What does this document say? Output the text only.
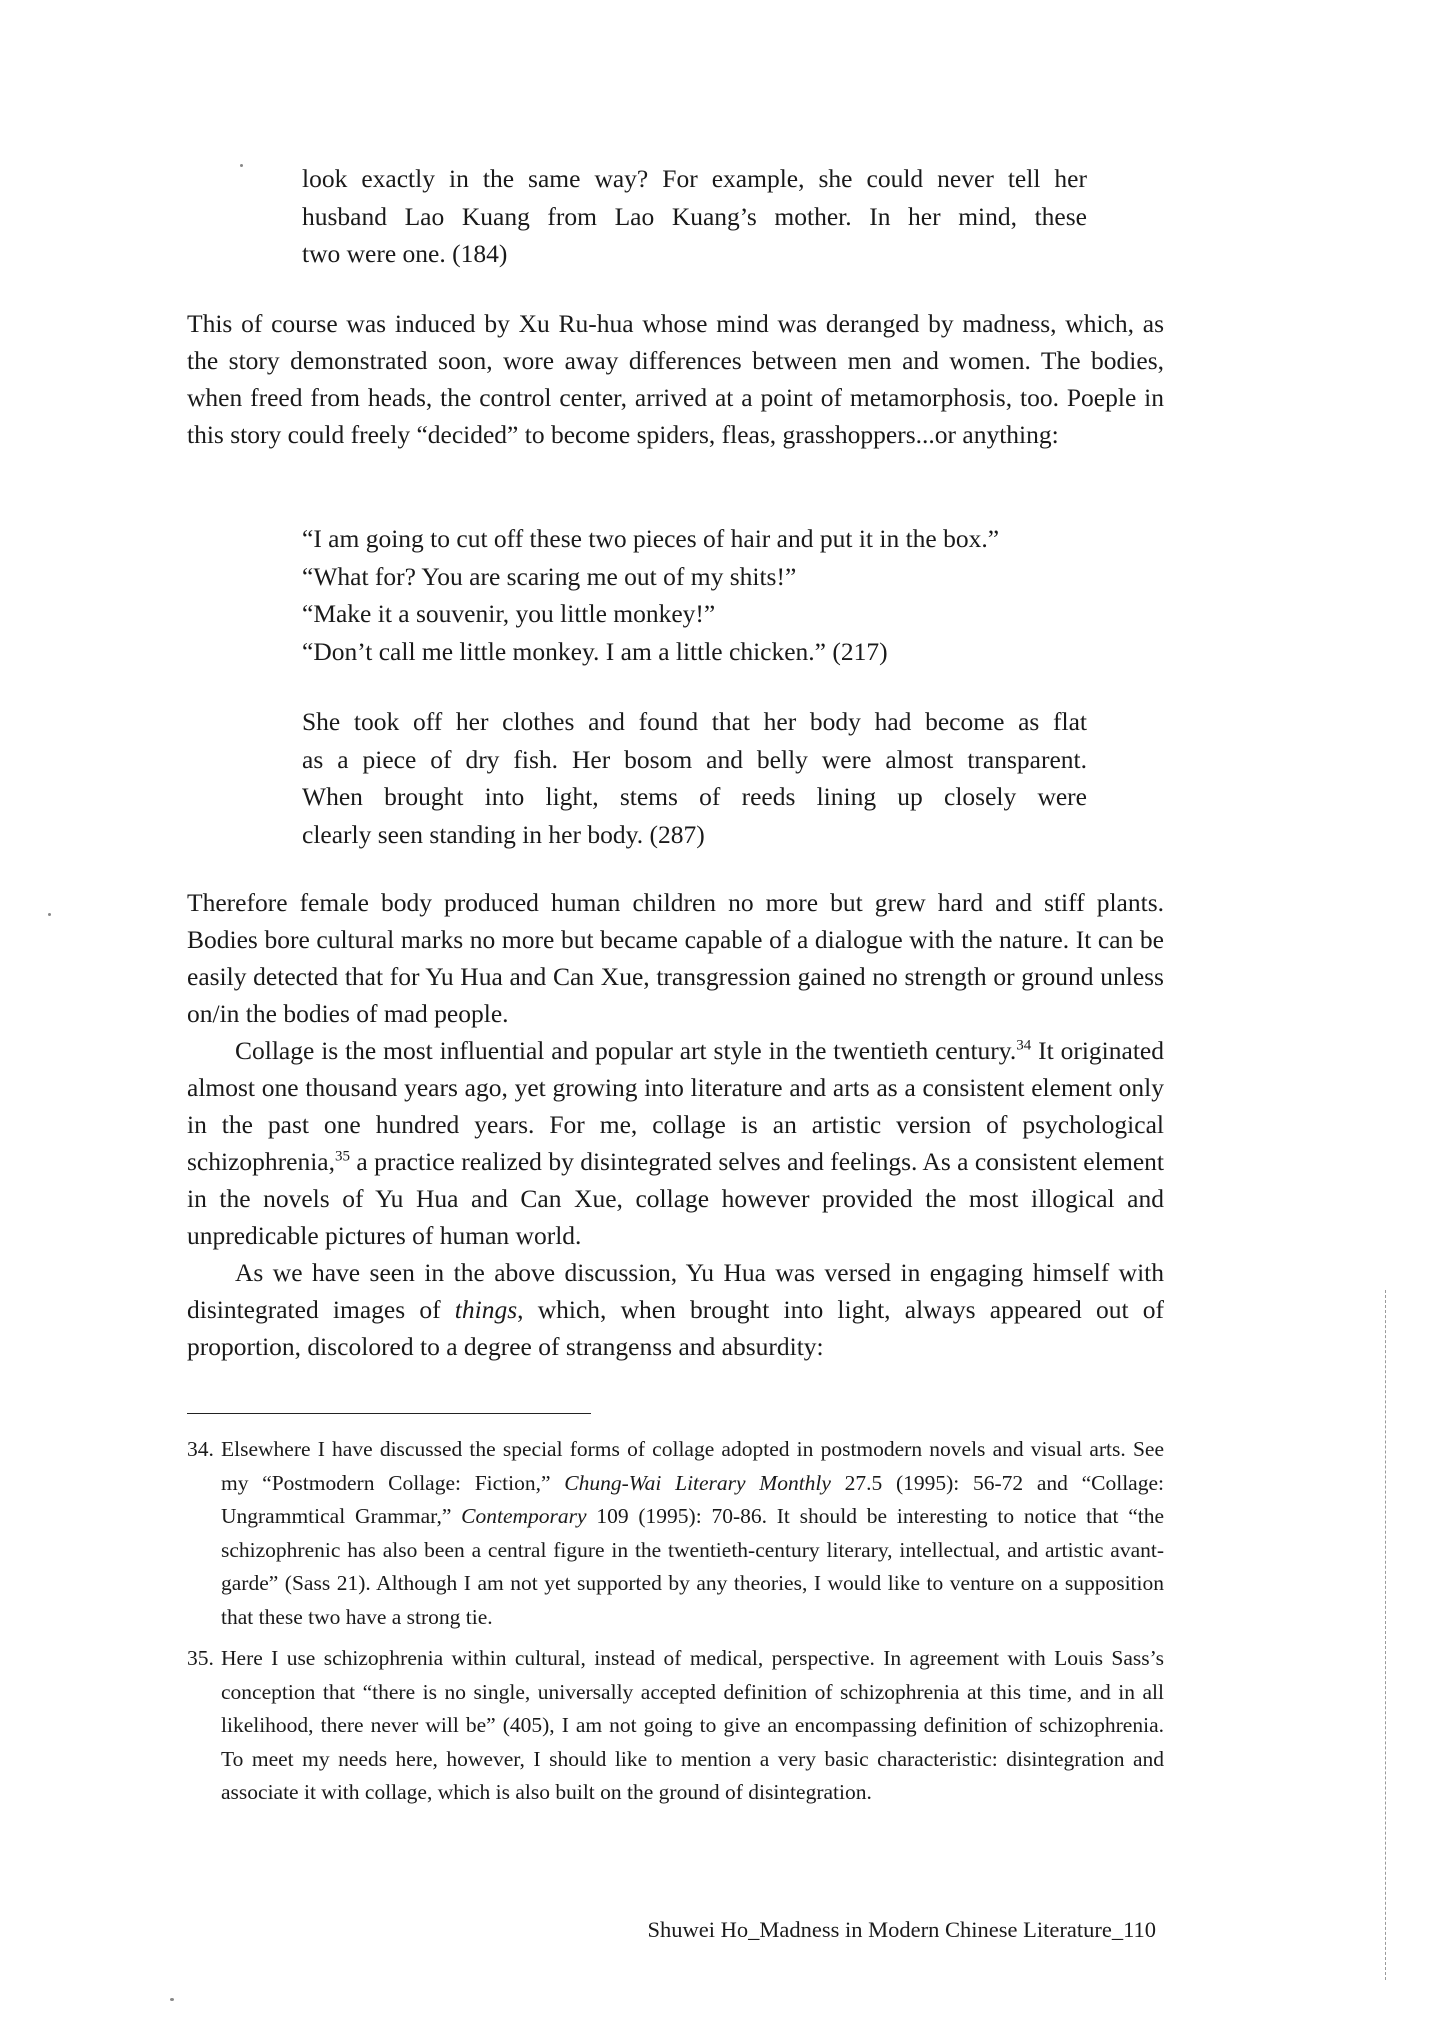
look exactly in the same way? For example, she could never tell her
husband Lao Kuang from Lao Kuang’s mother. In her mind, these
two were one. (184)

This of course was induced by Xu Ru-hua whose mind was deranged by madness, which, as the story demonstrated soon, wore away differences between men and women. The bodies, when freed from heads, the control center, arrived at a point of metamorphosis, too. Poeple in this story could freely “decided” to become spiders, fleas, grasshoppers...or anything:

“I am going to cut off these two pieces of hair and put it in the box.”
“What for? You are scaring me out of my shits!”
“Make it a souvenir, you little monkey!”
“Don’t call me little monkey. I am a little chicken.” (217)
She took off her clothes and found that her body had become as flat
as a piece of dry fish. Her bosom and belly were almost transparent.
When brought into light, stems of reeds lining up closely were
clearly seen standing in her body. (287)

Therefore female body produced human children no more but grew hard and stiff plants. Bodies bore cultural marks no more but became capable of a dialogue with the nature. It can be easily detected that for Yu Hua and Can Xue, transgression gained no strength or ground unless on/in the bodies of mad people.

Collage is the most influential and popular art style in the twentieth century.$^{34}$ It originated almost one thousand years ago, yet growing into literature and arts as a consistent element only in the past one hundred years. For me, collage is an artistic version of psychological schizophrenia,$^{35}$ a practice realized by disintegrated selves and feelings. As a consistent element in the novels of Yu Hua and Can Xue, collage however provided the most illogical and unpredicable pictures of human world.

As we have seen in the above discussion, Yu Hua was versed in engaging himself with disintegrated images of things, which, when brought into light, always appeared out of proportion, discolored to a degree of strangenss and absurdity:

34. Elsewhere I have discussed the special forms of collage adopted in postmodern novels and visual arts. See my “Postmodern Collage: Fiction,” Chung-Wai Literary Monthly 27.5 (1995): 56-72 and “Collage: Ungrammtical Grammar,” Contemporary 109 (1995): 70-86. It should be interesting to notice that “the schizophrenic has also been a central figure in the twentieth-century literary, intellectual, and artistic avant-garde” (Sass 21). Although I am not yet supported by any theories, I would like to venture on a supposition that these two have a strong tie.

35. Here I use schizophrenia within cultural, instead of medical, perspective. In agreement with Louis Sass’s conception that “there is no single, universally accepted definition of schizophrenia at this time, and in all likelihood, there never will be” (405), I am not going to give an encompassing definition of schizophrenia. To meet my needs here, however, I should like to mention a very basic characteristic: disintegration and associate it with collage, which is also built on the ground of disintegration.

Shuwei Ho_Madness in Modern Chinese Literature_110
